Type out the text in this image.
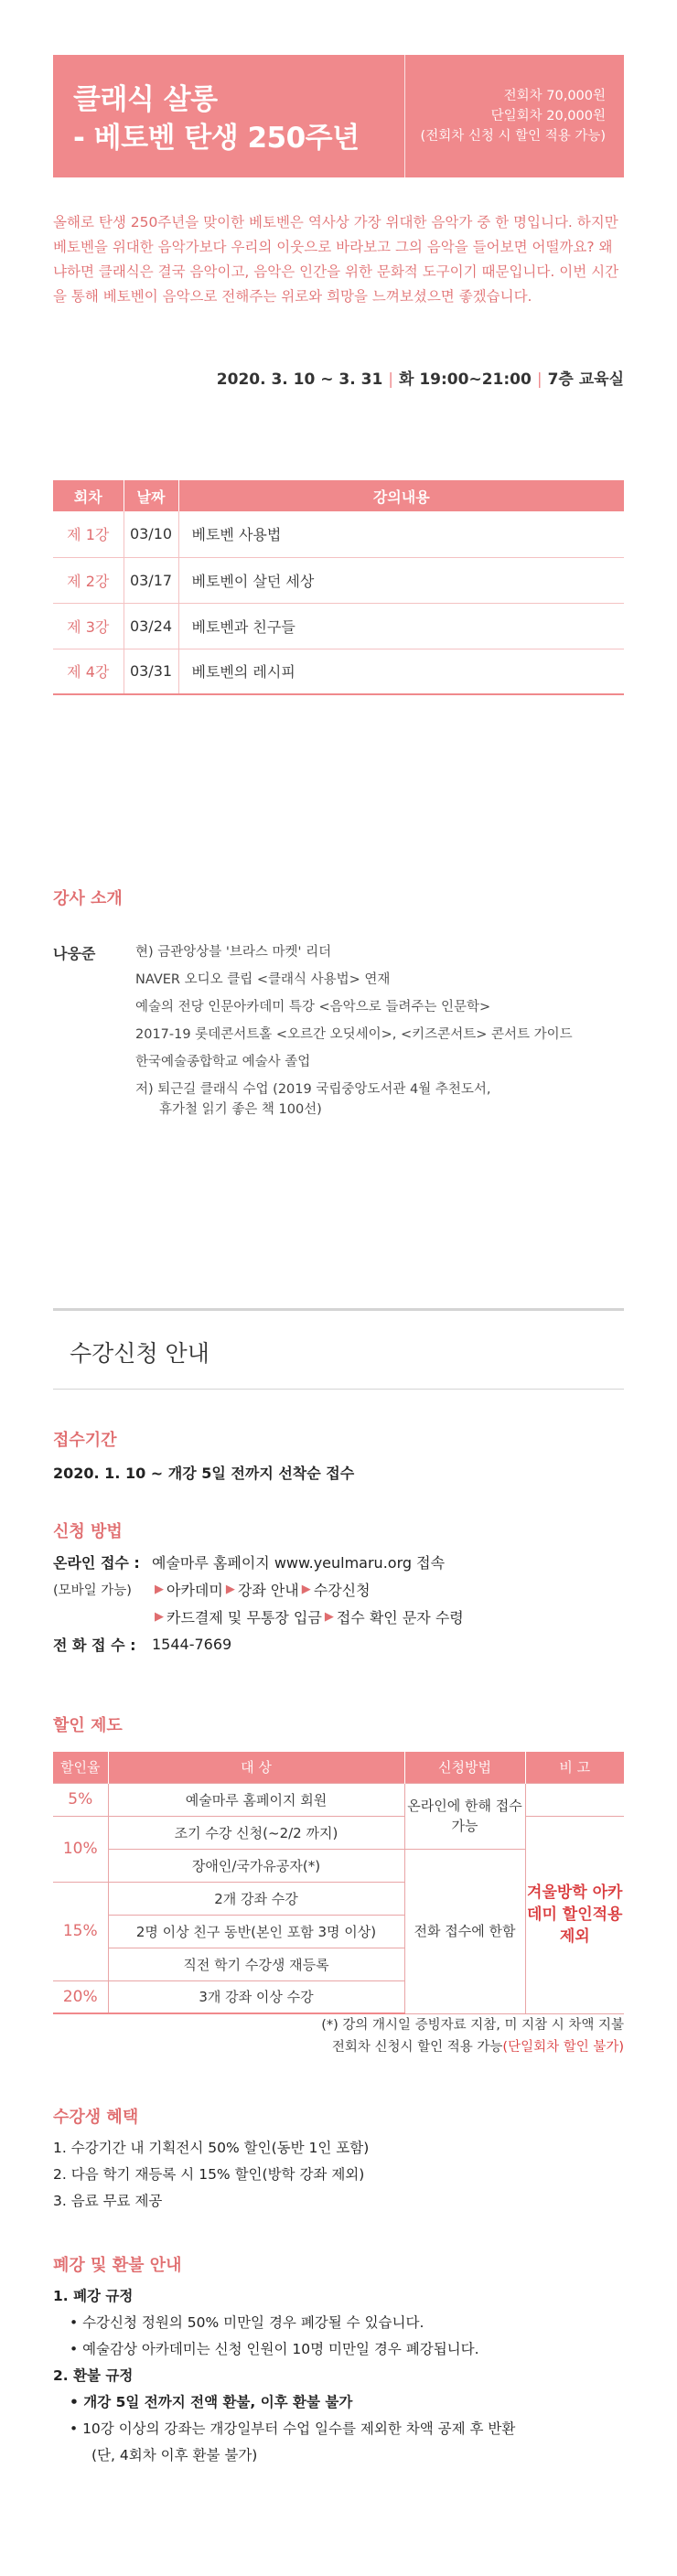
클래식 살롱
- 베토벤 탄생 250주년
전회차 70,000원
단일회차 20,000원
(전회차 신청 시 할인 적용 가능)

올해로 탄생 250주년을 맞이한 베토벤은 역사상 가장 위대한 음악가 중 한 명입니다. 하지만 베토벤을 위대한 음악가보다 우리의 이웃으로 바라보고 그의 음악을 들어보면 어떨까요? 왜냐하면 클래식은 결국 음악이고, 음악은 인간을 위한 문화적 도구이기 때문입니다. 이번 시간을 통해 베토벤이 음악으로 전해주는 위로와 희망을 느껴보셨으면 좋겠습니다.

2020. 3. 10 ~ 3. 31 | 화 19:00~21:00 | 7층 교육실
회차	날짜	강의내용
제 1강	03/10	베토벤 사용법
제 2강	03/17	베토벤이 살던 세상
제 3강	03/24	베토벤과 친구들
제 4강	03/31	베토벤의 레시피
강사 소개
나웅준	현) 금관앙상블 '브라스 마켓' 리더
NAVER 오디오 클립 <클래식 사용법> 연재
예술의 전당 인문아카데미 특강 <음악으로 들려주는 인문학>
2017-19 롯데콘서트홀 <오르간 오딧세이>, <키즈콘서트> 콘서트 가이드
한국예술종합학교 예술사 졸업
저) 퇴근길 클래식 수업 (2019 국립중앙도서관 4월 추천도서,
휴가철 읽기 좋은 책 100선)
수강신청 안내
접수기간
2020. 1. 10 ~ 개강 5일 전까지 선착순 접수
신청 방법
온라인 접수 : 예술마루 홈페이지 www.yeulmaru.org 접속
(모바일 가능)	▶ 아카데미 ▶ 강좌 안내 ▶ 수강신청
▶ 카드결제 및 무통장 입금 ▶ 접수 확인 문자 수령
전 화 접 수 :	1544-7669
할인 제도
할인율	대 상	신청방법	비 고
5%	예술마루 홈페이지 회원	온라인에 한해 접수 가능	
10%	조기 수강 신청(~2/2 까지)		겨울방학 아카데미 할인적용 제외
	장애인/국가유공자(*)	전화 접수에 한함	
15%	2개 강좌 수강		
	2명 이상 친구 동반(본인 포함 3명 이상)		
	직전 학기 수강생 재등록		
20%	3개 강좌 이상 수강		
(*) 강의 개시일 증빙자료 지참, 미 지참 시 차액 지불
전회차 신청시 할인 적용 가능(단일회차 할인 불가)
수강생 혜택
1. 수강기간 내 기획전시 50% 할인(동반 1인 포함)
2. 다음 학기 재등록 시 15% 할인(방학 강좌 제외)
3. 음료 무료 제공
폐강 및 환불 안내
1. 폐강 규정
• 수강신청 정원의 50% 미만일 경우 폐강될 수 있습니다.
• 예술감상 아카데미는 신청 인원이 10명 미만일 경우 폐강됩니다.
2. 환불 규정
• 개강 5일 전까지 전액 환불, 이후 환불 불가
• 10강 이상의 강좌는 개강일부터 수업 일수를 제외한 차액 공제 후 반환
(단, 4회차 이후 환불 불가)
